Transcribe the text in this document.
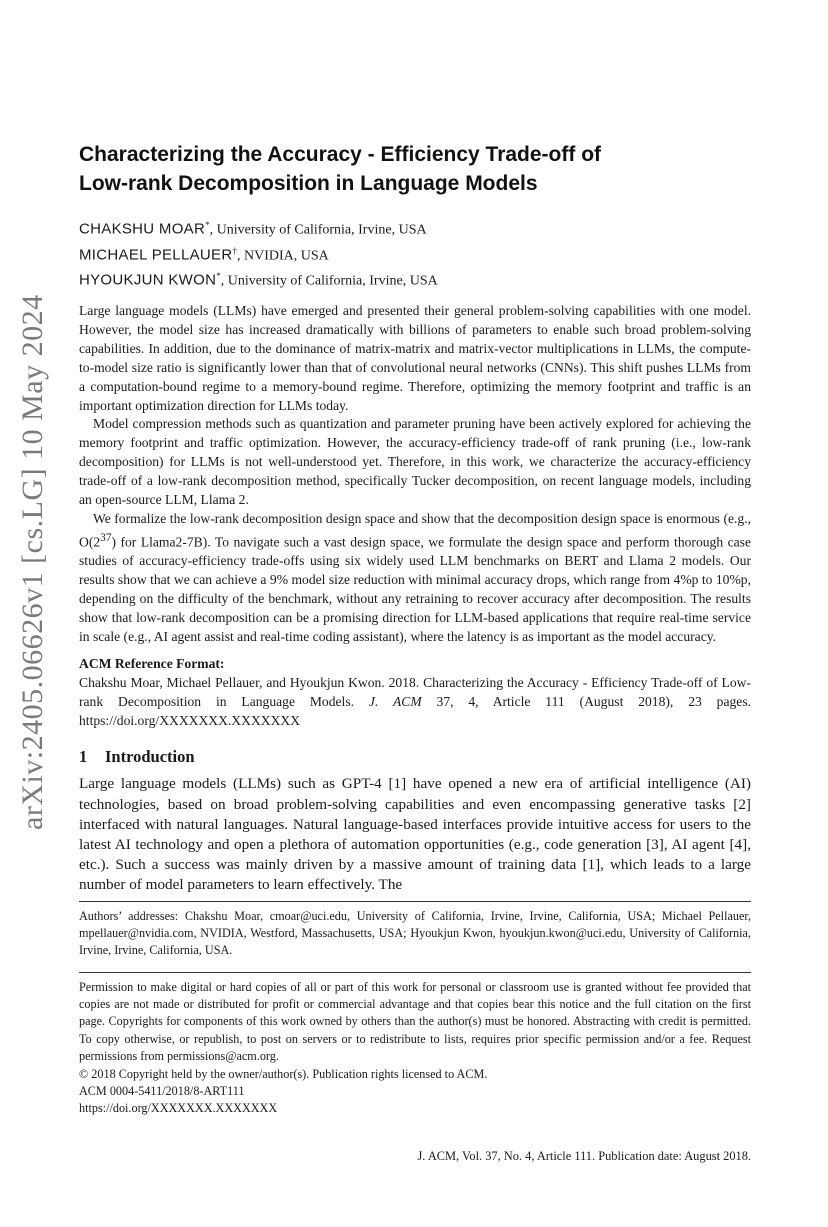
arXiv:2405.06626v1 [cs.LG] 10 May 2024
Characterizing the Accuracy - Efficiency Trade-off of
Low-rank Decomposition in Language Models

CHAKSHU MOAR*, University of California, Irvine, USA

MICHAEL PELLAUER†, NVIDIA, USA

HYOUKJUN KWON*, University of California, Irvine, USA

Large language models (LLMs) have emerged and presented their general problem-solving capabilities with one model. However, the model size has increased dramatically with billions of parameters to enable such broad problem-solving capabilities. In addition, due to the dominance of matrix-matrix and matrix-vector multiplications in LLMs, the compute-to-model size ratio is significantly lower than that of convolutional neural networks (CNNs). This shift pushes LLMs from a computation-bound regime to a memory-bound regime. Therefore, optimizing the memory footprint and traffic is an important optimization direction for LLMs today.

Model compression methods such as quantization and parameter pruning have been actively explored for achieving the memory footprint and traffic optimization. However, the accuracy-efficiency trade-off of rank pruning (i.e., low-rank decomposition) for LLMs is not well-understood yet. Therefore, in this work, we characterize the accuracy-efficiency trade-off of a low-rank decomposition method, specifically Tucker decomposition, on recent language models, including an open-source LLM, Llama 2.

We formalize the low-rank decomposition design space and show that the decomposition design space is enormous (e.g., $O(2^{37})$ for Llama2-7B). To navigate such a vast design space, we formulate the design space and perform thorough case studies of accuracy-efficiency trade-offs using six widely used LLM benchmarks on BERT and Llama 2 models. Our results show that we can achieve a 9% model size reduction with minimal accuracy drops, which range from 4%p to 10%p, depending on the difficulty of the benchmark, without any retraining to recover accuracy after decomposition. The results show that low-rank decomposition can be a promising direction for LLM-based applications that require real-time service in scale (e.g., AI agent assist and real-time coding assistant), where the latency is as important as the model accuracy.

ACM Reference Format:

Chakshu Moar, Michael Pellauer, and Hyoukjun Kwon. 2018. Characterizing the Accuracy - Efficiency Trade-off of Low-rank Decomposition in Language Models. J. ACM 37, 4, Article 111 (August 2018), 23 pages. https://doi.org/XXXXXXX.XXXXXXX

1 Introduction

Large language models (LLMs) such as GPT-4 [1] have opened a new era of artificial intelligence (AI) technologies, based on broad problem-solving capabilities and even encompassing generative tasks [2] interfaced with natural languages. Natural language-based interfaces provide intuitive access for users to the latest AI technology and open a plethora of automation opportunities (e.g., code generation [3], AI agent [4], etc.). Such a success was mainly driven by a massive amount of training data [1], which leads to a large number of model parameters to learn effectively. The

Authors’ addresses: Chakshu Moar, cmoar@uci.edu, University of California, Irvine, Irvine, California, USA; Michael Pellauer, mpellauer@nvidia.com, NVIDIA, Westford, Massachusetts, USA; Hyoukjun Kwon, hyoukjun.kwon@uci.edu, University of California, Irvine, Irvine, California, USA.

Permission to make digital or hard copies of all or part of this work for personal or classroom use is granted without fee provided that copies are not made or distributed for profit or commercial advantage and that copies bear this notice and the full citation on the first page. Copyrights for components of this work owned by others than the author(s) must be honored. Abstracting with credit is permitted. To copy otherwise, or republish, to post on servers or to redistribute to lists, requires prior specific permission and/or a fee. Request permissions from permissions@acm.org.

© 2018 Copyright held by the owner/author(s). Publication rights licensed to ACM.

ACM 0004-5411/2018/8-ART111

https://doi.org/XXXXXXX.XXXXXXX

J. ACM, Vol. 37, No. 4, Article 111. Publication date: August 2018.
